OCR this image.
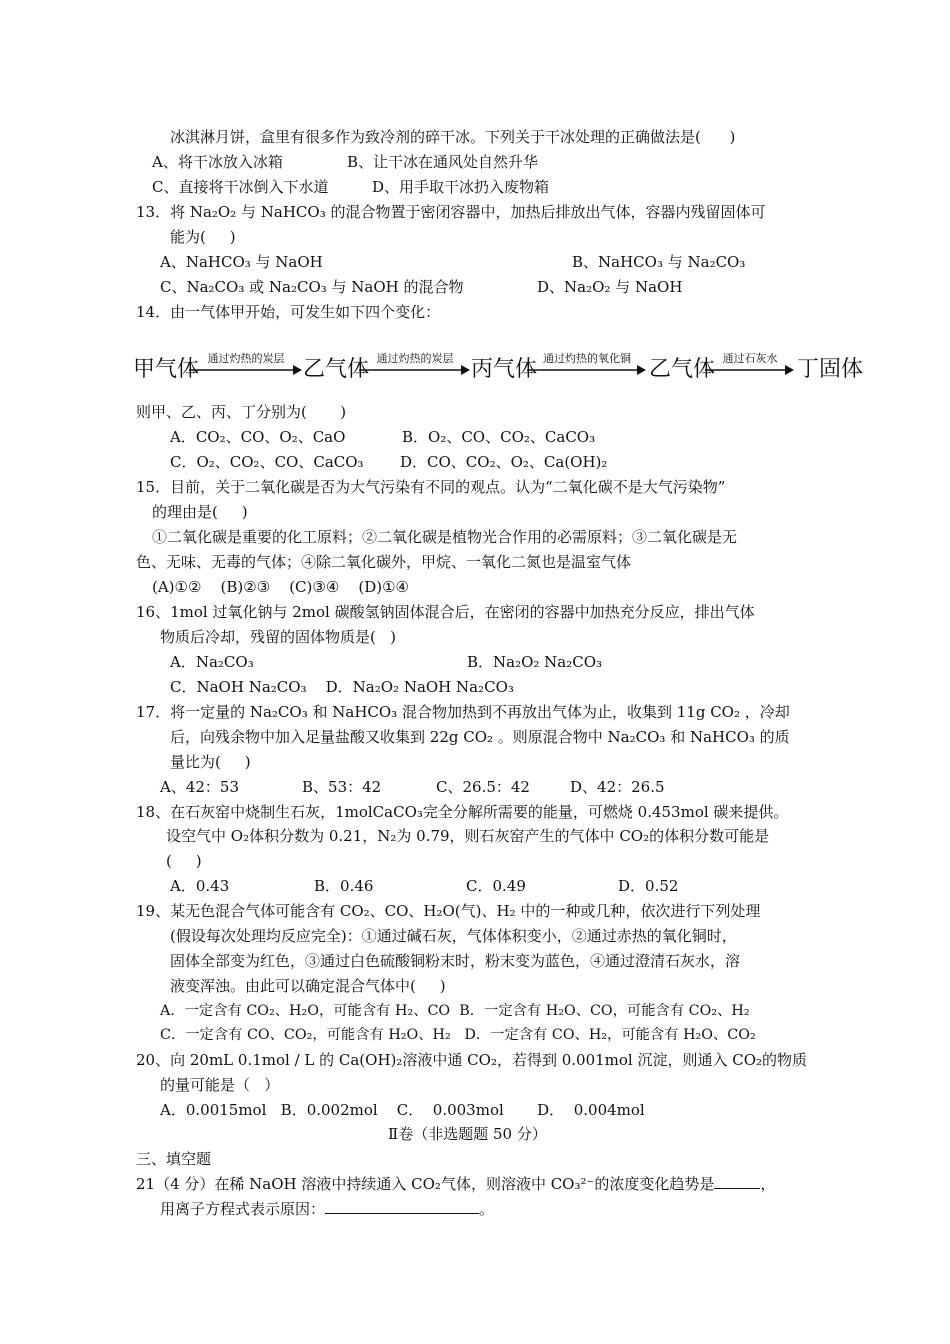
冰淇淋月饼，盒里有很多作为致冷剂的碎干冰。下列关于干冰处理的正确做法是(      )
A、将干冰放入冰箱	B、让干冰在通风处自然升华
C、直接将干冰倒入下水道	D、用手取干冰扔入废物箱
13．将 Na₂O₂ 与 NaHCO₃ 的混合物置于密闭容器中，加热后排放出气体，容器内残留固体可
能为(     )
A、NaHCO₃ 与 NaOH	B、NaHCO₃ 与 Na₂CO₃
C、Na₂CO₃ 或 Na₂CO₃ 与 NaOH 的混合物	D、Na₂O₂ 与 NaOH
14．由一气体甲开始，可发生如下四个变化：
甲气体 通过灼热的炭层 乙气体 通过灼热的炭层 丙气体 通过灼热的氧化铜 乙气体 通过石灰水 丁固体
则甲、乙、丙、丁分别为(       )
A．CO₂、CO、O₂、CaO	B．O₂、CO、CO₂、CaCO₃
C．O₂、CO₂、CO、CaCO₃ D．CO、CO₂、O₂、Ca(OH)₂
15．目前，关于二氧化碳是否为大气污染有不同的观点。认为“二氧化碳不是大气污染物”
的理由是(     )
①二氧化碳是重要的化工原料；②二氧化碳是植物光合作用的必需原料；③二氧化碳是无
色、无味、无毒的气体；④除二氧化碳外，甲烷、一氧化二氮也是温室气体
(A)①②    (B)②③    (C)③④    (D)①④
16、1mol 过氧化钠与 2mol 碳酸氢钠固体混合后，在密闭的容器中加热充分反应，排出气体
物质后冷却，残留的固体物质是(   )
A．Na₂CO₃	B．Na₂O₂ Na₂CO₃
C．NaOH Na₂CO₃    D．Na₂O₂ NaOH Na₂CO₃
17．将一定量的 Na₂CO₃ 和 NaHCO₃ 混合物加热到不再放出气体为止，收集到 11g CO₂ ，冷却
后，向残余物中加入足量盐酸又收集到 22g CO₂ 。则原混合物中 Na₂CO₃ 和 NaHCO₃ 的质
量比为(     )
A、42：53	B、53：42	C、26.5：42	D、42：26.5
18、在石灰窑中烧制生石灰，1molCaCO₃完全分解所需要的能量，可燃烧 0.453mol 碳来提供。
设空气中 O₂体积分数为 0.21，N₂为 0.79，则石灰窑产生的气体中 CO₂的体积分数可能是
(     )
A．0.43	B．0.46	C．0.49	D．0.52
19、某无色混合气体可能含有 CO₂、CO、H₂O(气)、H₂ 中的一种或几种，依次进行下列处理
(假设每次处理均反应完全)：①通过碱石灰，气体体积变小，②通过赤热的氧化铜时，
固体全部变为红色，③通过白色硫酸铜粉末时，粉末变为蓝色，④通过澄清石灰水，溶
液变浑浊。由此可以确定混合气体中(     )
A．一定含有 CO₂、H₂O，可能含有 H₂、CO  B．一定含有 H₂O、CO，可能含有 CO₂、H₂
C．一定含有 CO、CO₂，可能含有 H₂O、H₂   D．一定含有 CO、H₂，可能含有 H₂O、CO₂
20、向 20mL 0.1mol / L 的 Ca(OH)₂溶液中通 CO₂，若得到 0.001mol 沉淀，则通入 CO₂的物质
的量可能是（   ）
A．0.0015mol   B．0.002mol    C．  0.003mol       D．  0.004mol
Ⅱ卷（非选题题 50 分）
三、填空题
21（4 分）在稀 NaOH 溶液中持续通入 CO₂气体，则溶液中 CO₃²⁻的浓度变化趋势是	，
用离子方程式表示原因：	。
